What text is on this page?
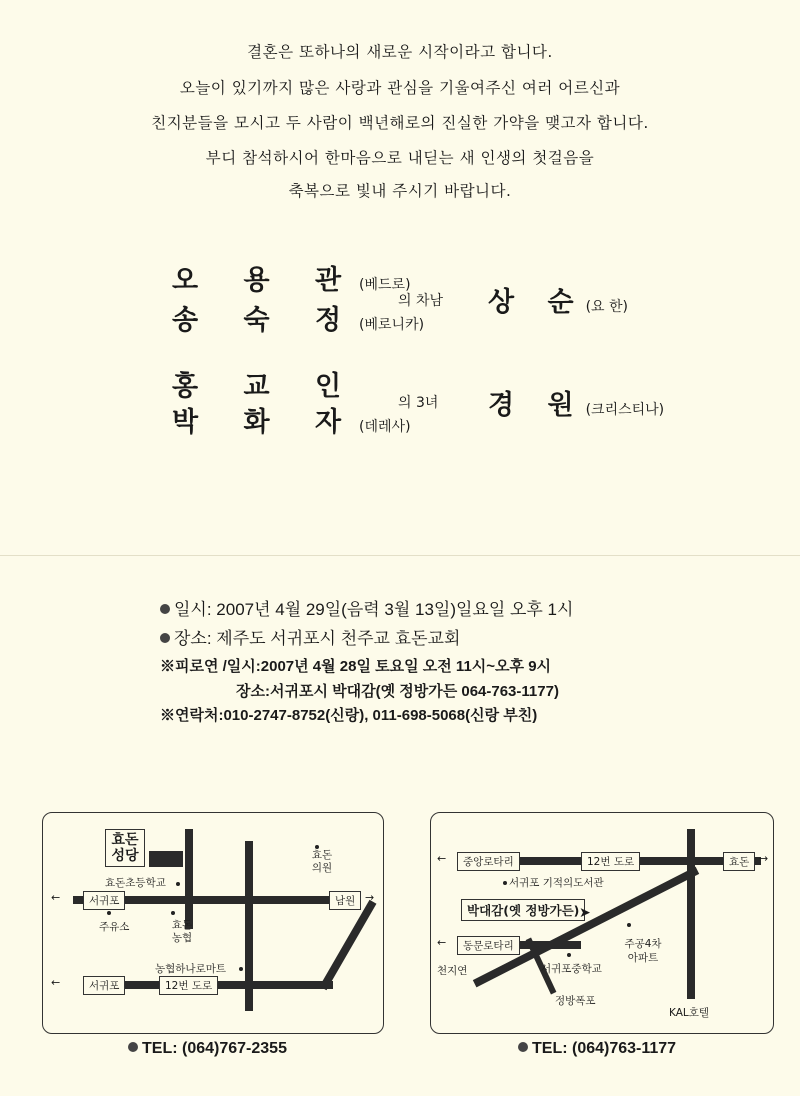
결혼은 또하나의 새로운 시작이라고 합니다.
오늘이 있기까지 많은 사랑과 관심을 기울여주신 여러 어르신과
친지분들을 모시고 두 사람이 백년해로의 진실한 가약을 맺고자 합니다.
부디 참석하시어 한마음으로 내딛는 새 인생의 첫걸음을
축복으로 빛내 주시기 바랍니다.
오 용 관(베드로)
송 숙 정(베로니카)
의 차남 상 순(요 한)
홍 교 인
박 화 자(데레사)
의 3녀 경 원(크리스티나)
일시: 2007년 4월 29일(음력 3월 13일)일요일 오후 1시
장소: 제주도 서귀포시 천주교 효돈교회
※피로연 /일시:2007년 4월 28일 토요일 오전 11시~오후 9시
장소:서귀포시 박대감(옛 정방가든 064-763-1177)
※연락처:010-2747-8752(신랑), 011-698-5068(신랑 부친)
효돈 성당
효돈초등학교
←	서귀포
주유소	효돈 농협
효돈 의원
남원 →
농협하나로마트
←	서귀포	12번 도로
TEL: (064)767-2355
←	중앙로타리	12번 도로	효돈 →
서귀포 기적의도서관
박대감(옛 정방가든) ➤
←	동문로타리	주공4차 아파트
천지연	서귀포중학교
정방폭포
KAL호텔
TEL: (064)763-1177
